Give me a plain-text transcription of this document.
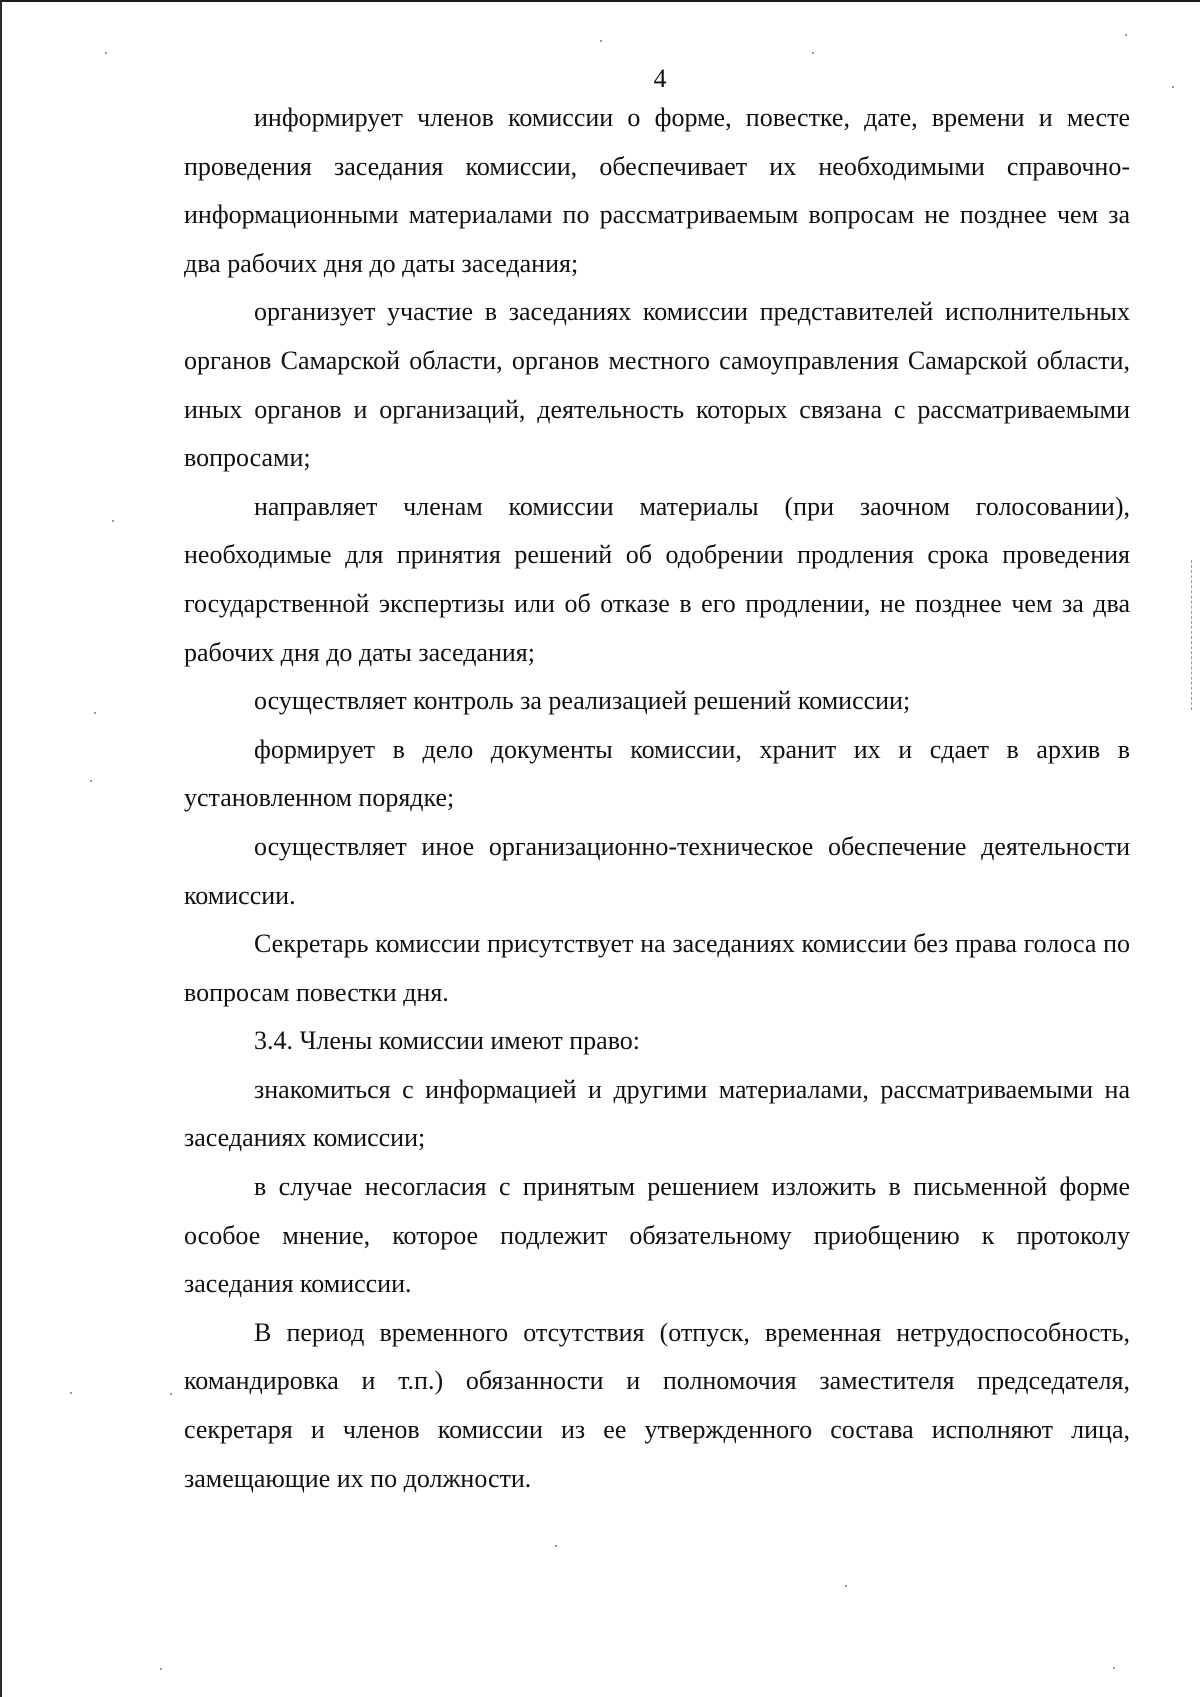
4

информирует членов комиссии о форме, повестке, дате, времени и месте проведения заседания комиссии, обеспечивает их необходимыми справочно-информационными материалами по рассматриваемым вопросам не позднее чем за два рабочих дня до даты заседания;

организует участие в заседаниях комиссии представителей исполнительных органов Самарской области, органов местного самоуправления Самарской области, иных органов и организаций, деятельность которых связана с рассматриваемыми вопросами;

направляет членам комиссии материалы (при заочном голосовании), необходимые для принятия решений об одобрении продления срока проведения государственной экспертизы или об отказе в его продлении, не позднее чем за два рабочих дня до даты заседания;

осуществляет контроль за реализацией решений комиссии;

формирует в дело документы комиссии, хранит их и сдает в архив в установленном порядке;

осуществляет иное организационно-техническое обеспечение деятельности комиссии.

Секретарь комиссии присутствует на заседаниях комиссии без права голоса по вопросам повестки дня.

3.4. Члены комиссии имеют право:

знакомиться с информацией и другими материалами, рассматриваемыми на заседаниях комиссии;

в случае несогласия с принятым решением изложить в письменной форме особое мнение, которое подлежит обязательному приобщению к протоколу заседания комиссии.

В период временного отсутствия (отпуск, временная нетрудоспособность, командировка и т.п.) обязанности и полномочия заместителя председателя, секретаря и членов комиссии из ее утвержденного состава исполняют лица, замещающие их по должности.
